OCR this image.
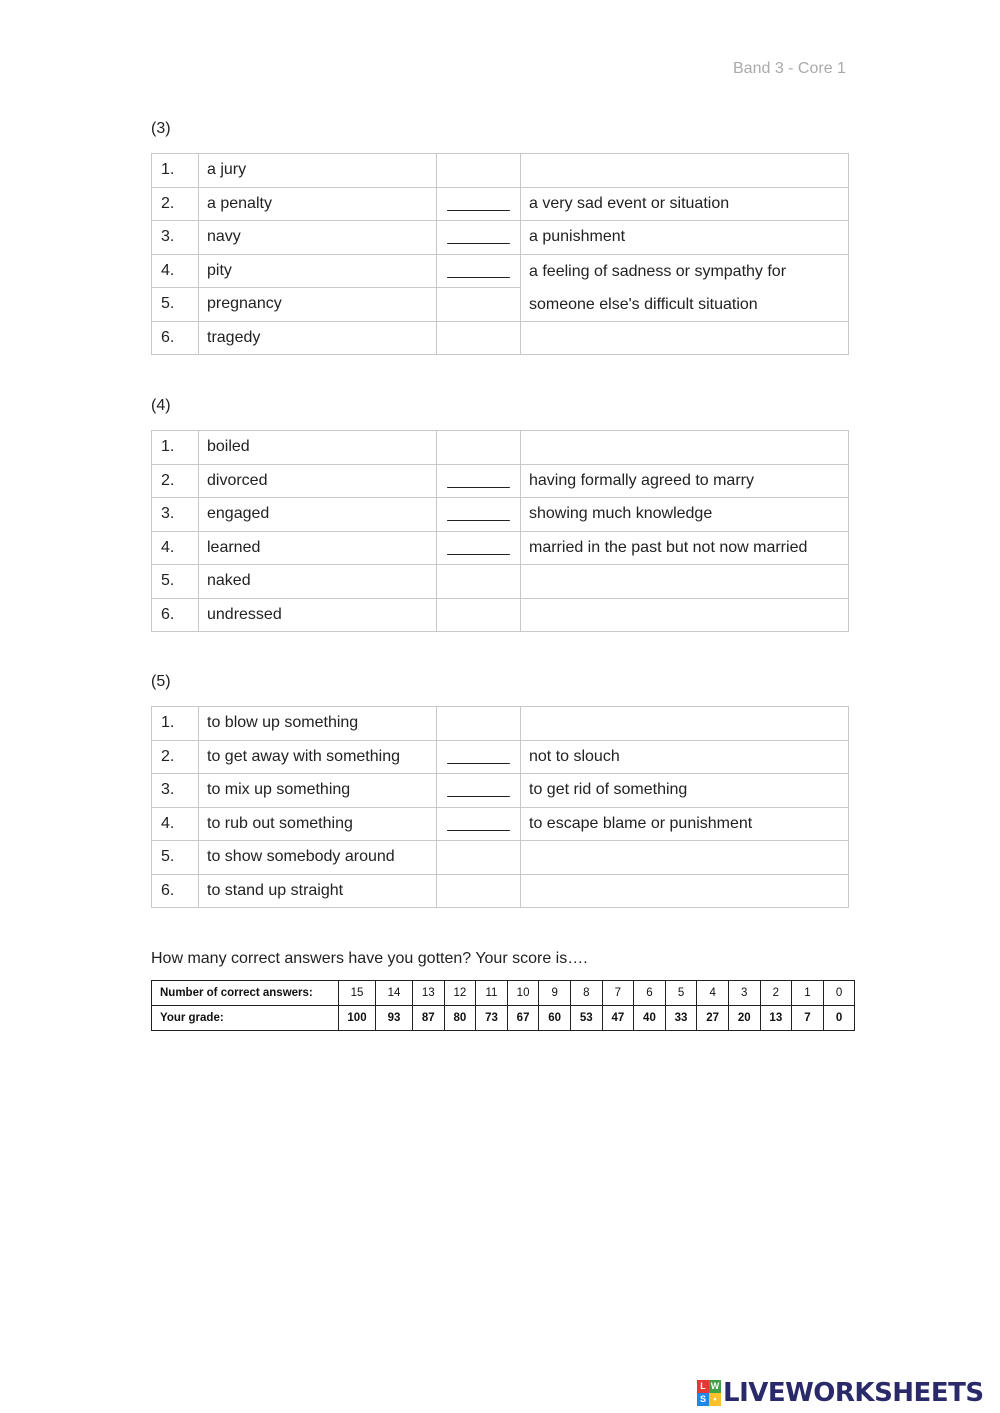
Band 3 - Core 1
(3)
1.	a jury		
2.	a penalty	_______	a very sad event or situation
3.	navy	_______	a punishment
4.	pity	_______	a feeling of sadness or sympathy for someone else's difficult situation
5.	pregnancy		
6.	tragedy		
(4)
1.	boiled		
2.	divorced	_______	having formally agreed to marry
3.	engaged	_______	showing much knowledge
4.	learned	_______	married in the past but not now married
5.	naked		
6.	undressed		
(5)
1.	to blow up something		
2.	to get away with something	_______	not to slouch
3.	to mix up something	_______	to get rid of something
4.	to rub out something	_______	to escape blame or punishment
5.	to show somebody around		
6.	to stand up straight		
How many correct answers have you gotten? Your score is….
Number of correct answers:	15	14	13	12	11	10	9	8	7	6	5	4	3	2	1	0
Your grade:	100	93	87	80	73	67	60	53	47	40	33	27	20	13	7	0
L W
S • LIVEWORKSHEETS
